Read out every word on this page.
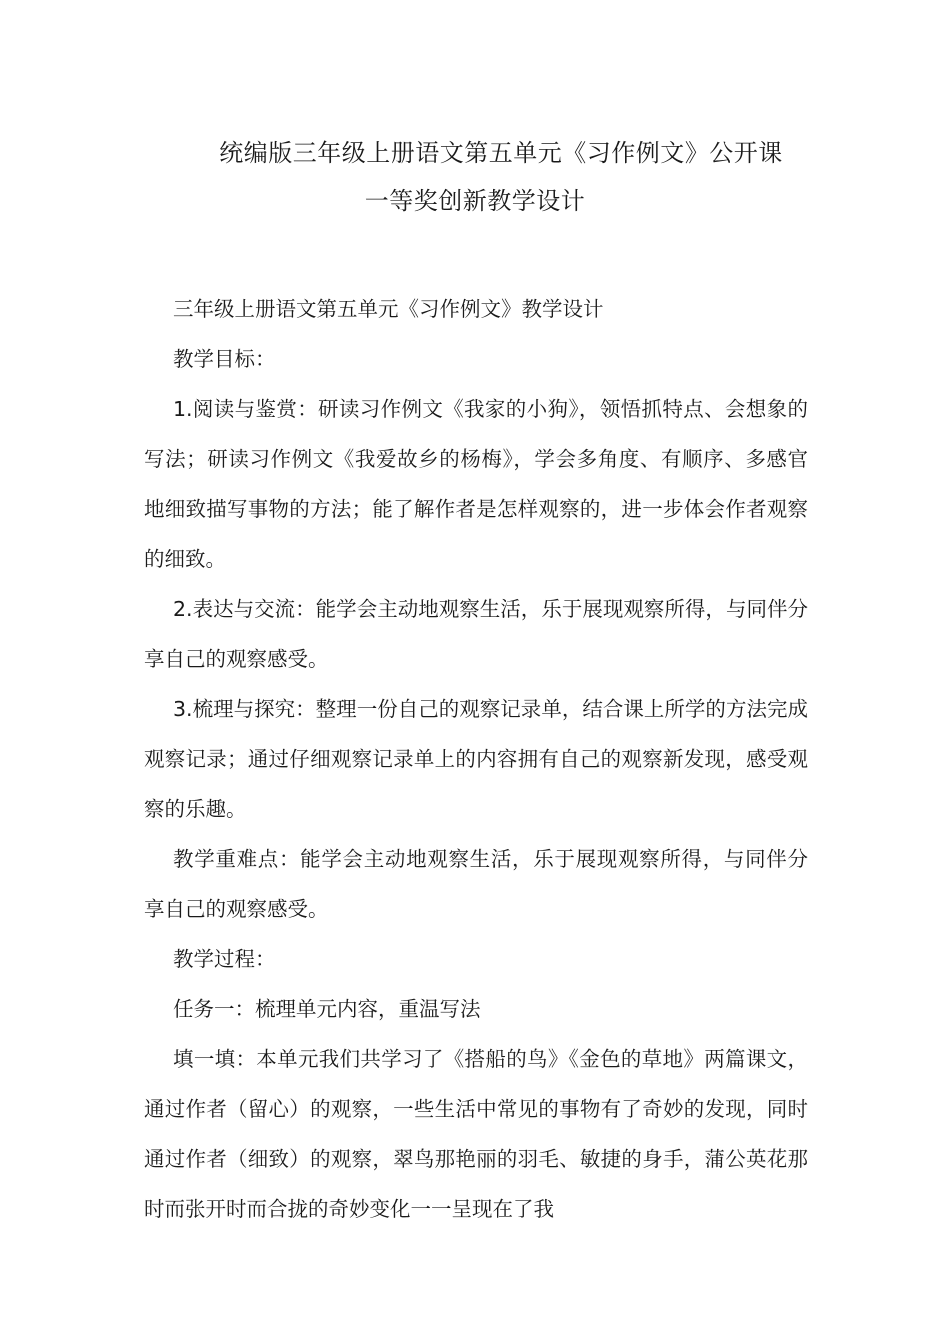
统编版三年级上册语文第五单元《习作例文》公开课
一等奖创新教学设计

三年级上册语文第五单元《习作例文》教学设计

教学目标：

1.阅读与鉴赏：研读习作例文《我家的小狗》，领悟抓特点、会想象的写法；研读习作例文《我爱故乡的杨梅》，学会多角度、有顺序、多感官地细致描写事物的方法；能了解作者是怎样观察的，进一步体会作者观察的细致。

2.表达与交流：能学会主动地观察生活，乐于展现观察所得，与同伴分享自己的观察感受。

3.梳理与探究：整理一份自己的观察记录单，结合课上所学的方法完成观察记录；通过仔细观察记录单上的内容拥有自己的观察新发现，感受观察的乐趣。

教学重难点：能学会主动地观察生活，乐于展现观察所得，与同伴分享自己的观察感受。

教学过程：

任务一：梳理单元内容，重温写法

填一填：本单元我们共学习了《搭船的鸟》《金色的草地》两篇课文，通过作者（留心）的观察，一些生活中常见的事物有了奇妙的发现，同时通过作者（细致）的观察，翠鸟那艳丽的羽毛、敏捷的身手，蒲公英花那时而张开时而合拢的奇妙变化一一呈现在了我
